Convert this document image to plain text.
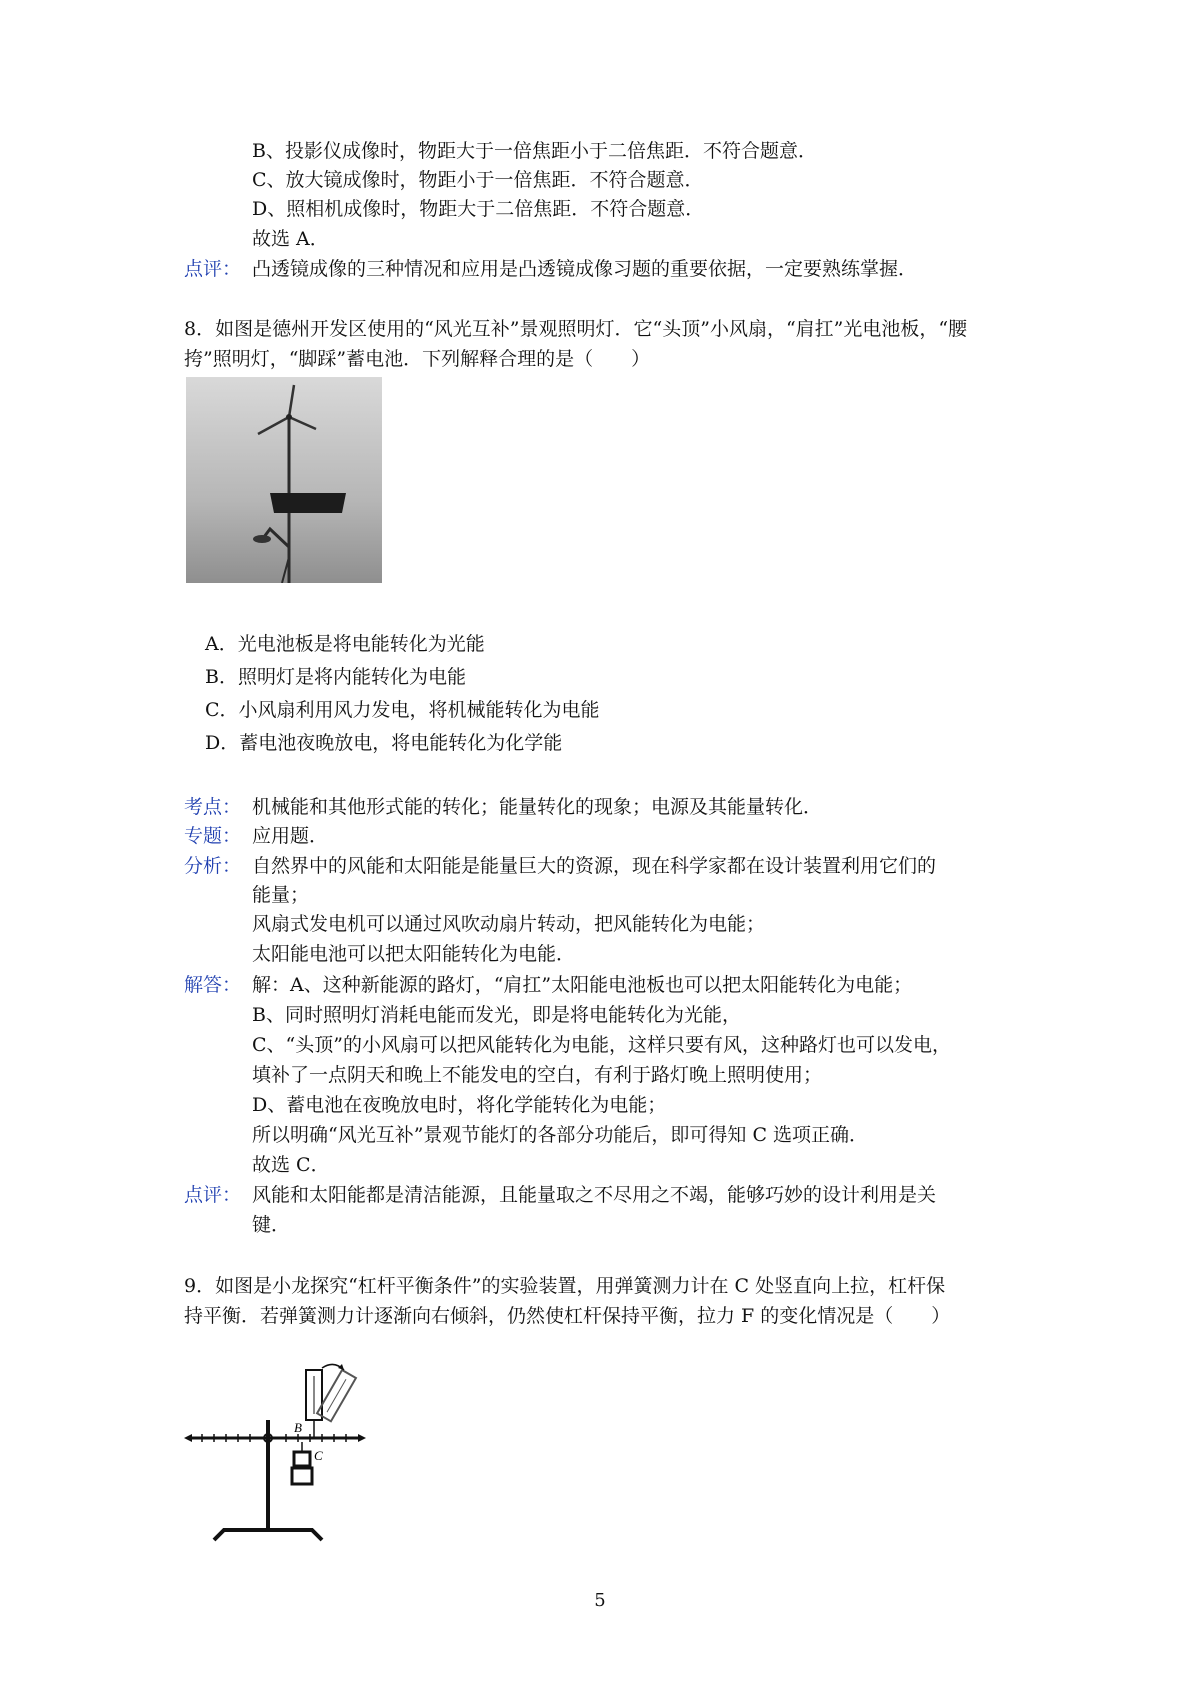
B、投影仪成像时，物距大于一倍焦距小于二倍焦距．不符合题意．
C、放大镜成像时，物距小于一倍焦距．不符合题意．
D、照相机成像时，物距大于二倍焦距．不符合题意．
故选 A．
点评： 凸透镜成像的三种情况和应用是凸透镜成像习题的重要依据，一定要熟练掌握．
8．如图是德州开发区使用的“风光互补”景观照明灯．它“头顶”小风扇，“肩扛”光电池板，“腰
挎”照明灯，“脚踩”蓄电池．下列解释合理的是（　　）
A．光电池板是将电能转化为光能
B．照明灯是将内能转化为电能
C．小风扇利用风力发电，将机械能转化为电能
D．蓄电池夜晚放电，将电能转化为化学能
考点： 机械能和其他形式能的转化；能量转化的现象；电源及其能量转化．
专题： 应用题．
分析： 自然界中的风能和太阳能是能量巨大的资源，现在科学家都在设计装置利用它们的
能量；
风扇式发电机可以通过风吹动扇片转动，把风能转化为电能；
太阳能电池可以把太阳能转化为电能．
解答： 解：A、这种新能源的路灯，“肩扛”太阳能电池板也可以把太阳能转化为电能；
B、同时照明灯消耗电能而发光，即是将电能转化为光能，
C、“头顶”的小风扇可以把风能转化为电能，这样只要有风，这种路灯也可以发电，
填补了一点阴天和晚上不能发电的空白，有利于路灯晚上照明使用；
D、蓄电池在夜晚放电时，将化学能转化为电能；
所以明确“风光互补”景观节能灯的各部分功能后，即可得知 C 选项正确．
故选 C．
点评： 风能和太阳能都是清洁能源，且能量取之不尽用之不竭，能够巧妙的设计利用是关
键．
9．如图是小龙探究“杠杆平衡条件”的实验装置，用弹簧测力计在 C 处竖直向上拉，杠杆保
持平衡．若弹簧测力计逐渐向右倾斜，仍然使杠杆保持平衡，拉力 F 的变化情况是（　　）
B
C
5
